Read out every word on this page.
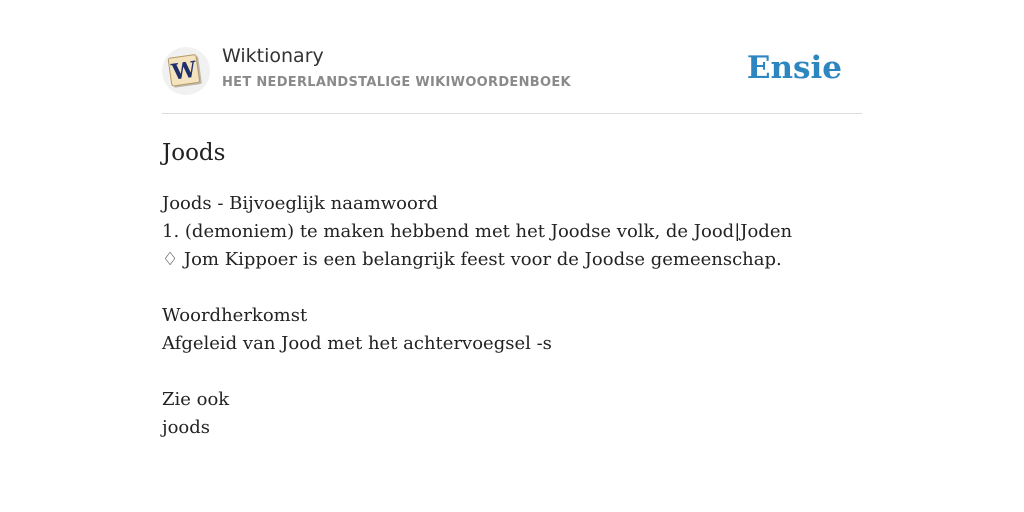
W
Wiktionary
HET NEDERLANDSTALIGE WIKIWOORDENBOEK	Ensie
Joods
Joods - Bijvoeglijk naamwoord
1. (demoniem) te maken hebbend met het Joodse volk, de Jood|Joden
♢ Jom Kippoer is een belangrijk feest voor de Joodse gemeenschap.
Woordherkomst
Afgeleid van Jood met het achtervoegsel -s
Zie ook
joods
